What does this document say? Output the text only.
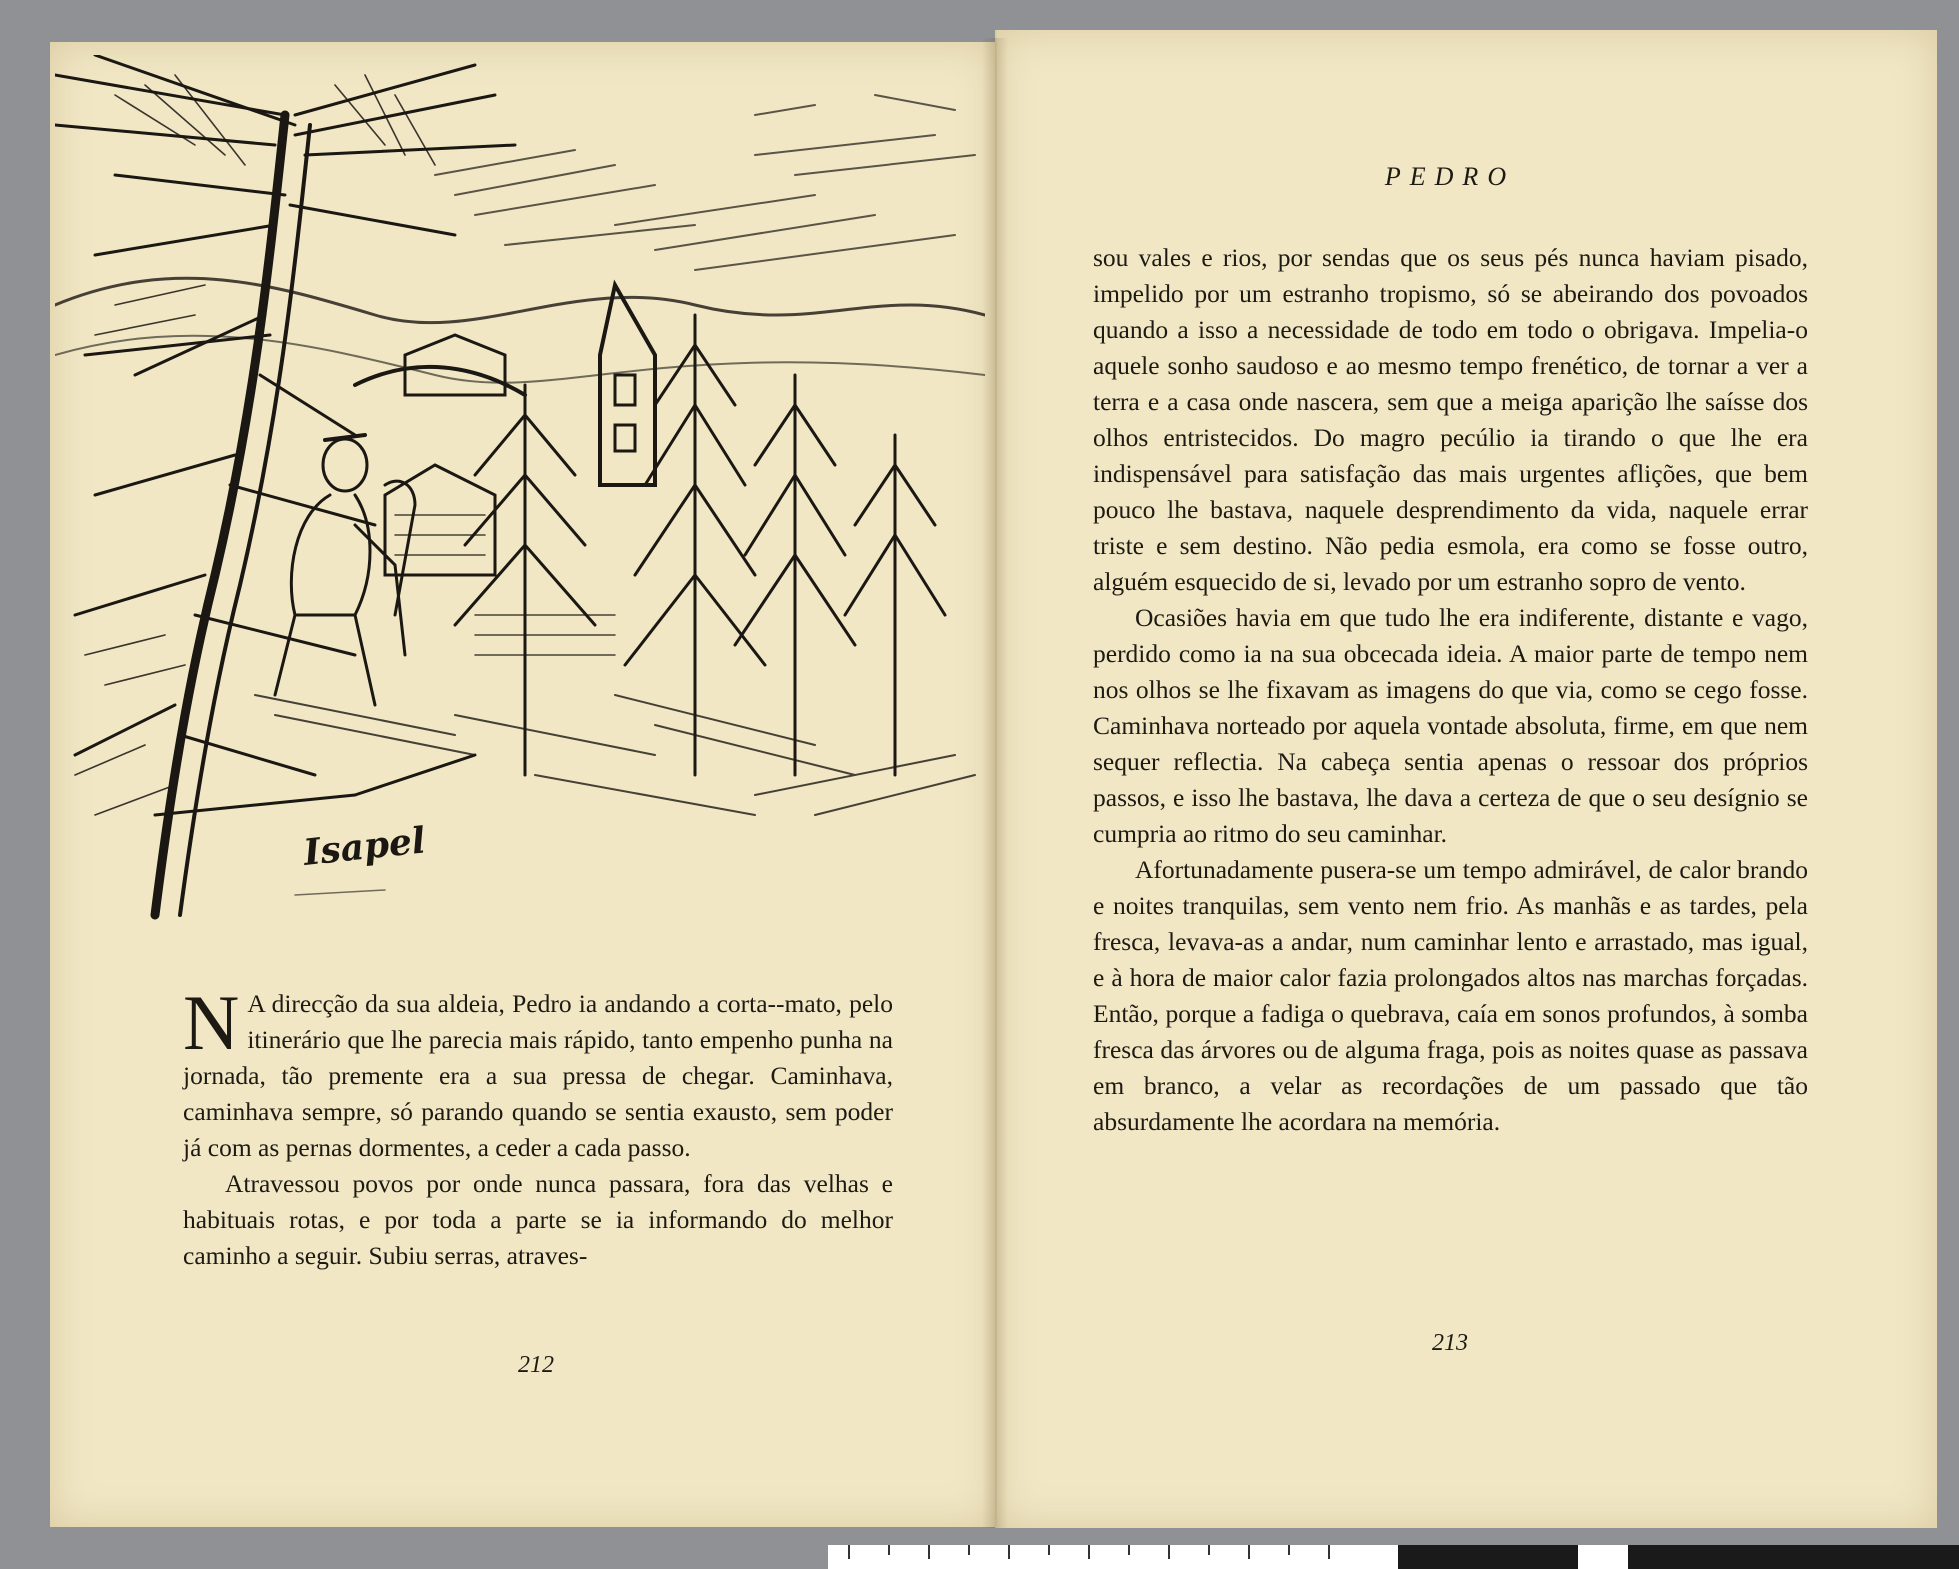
Isapel
PEDRO

N A direcção da sua aldeia, Pedro ia andando a corta--mato, pelo itinerário que lhe parecia mais rápido, tanto empenho punha na jornada, tão premente era a sua pressa de chegar. Caminhava, caminhava sempre, só parando quando se sentia exausto, sem poder já com as pernas dormentes, a ceder a cada passo.

Atravessou povos por onde nunca passara, fora das velhas e habituais rotas, e por toda a parte se ia informando do melhor caminho a seguir. Subiu serras, atraves-

212

sou vales e rios, por sendas que os seus pés nunca haviam pisado, impelido por um estranho tropismo, só se abeirando dos povoados quando a isso a necessidade de todo em todo o obrigava. Impelia-o aquele sonho saudoso e ao mesmo tempo frenético, de tornar a ver a terra e a casa onde nascera, sem que a meiga aparição lhe saísse dos olhos entristecidos. Do magro pecúlio ia tirando o que lhe era indispensável para satisfação das mais urgentes aflições, que bem pouco lhe bastava, naquele desprendimento da vida, naquele errar triste e sem destino. Não pedia esmola, era como se fosse outro, alguém esquecido de si, levado por um estranho sopro de vento.

Ocasiões havia em que tudo lhe era indiferente, distante e vago, perdido como ia na sua obcecada ideia. A maior parte de tempo nem nos olhos se lhe fixavam as imagens do que via, como se cego fosse. Caminhava norteado por aquela vontade absoluta, firme, em que nem sequer reflectia. Na cabeça sentia apenas o ressoar dos próprios passos, e isso lhe bastava, lhe dava a certeza de que o seu desígnio se cumpria ao ritmo do seu caminhar.

Afortunadamente pusera-se um tempo admirável, de calor brando e noites tranquilas, sem vento nem frio. As manhãs e as tardes, pela fresca, levava-as a andar, num caminhar lento e arrastado, mas igual, e à hora de maior calor fazia prolongados altos nas marchas forçadas. Então, porque a fadiga o quebrava, caía em sonos profundos, à somba fresca das árvores ou de alguma fraga, pois as noites quase as passava em branco, a velar as recordações de um passado que tão absurdamente lhe acordara na memória.

213
